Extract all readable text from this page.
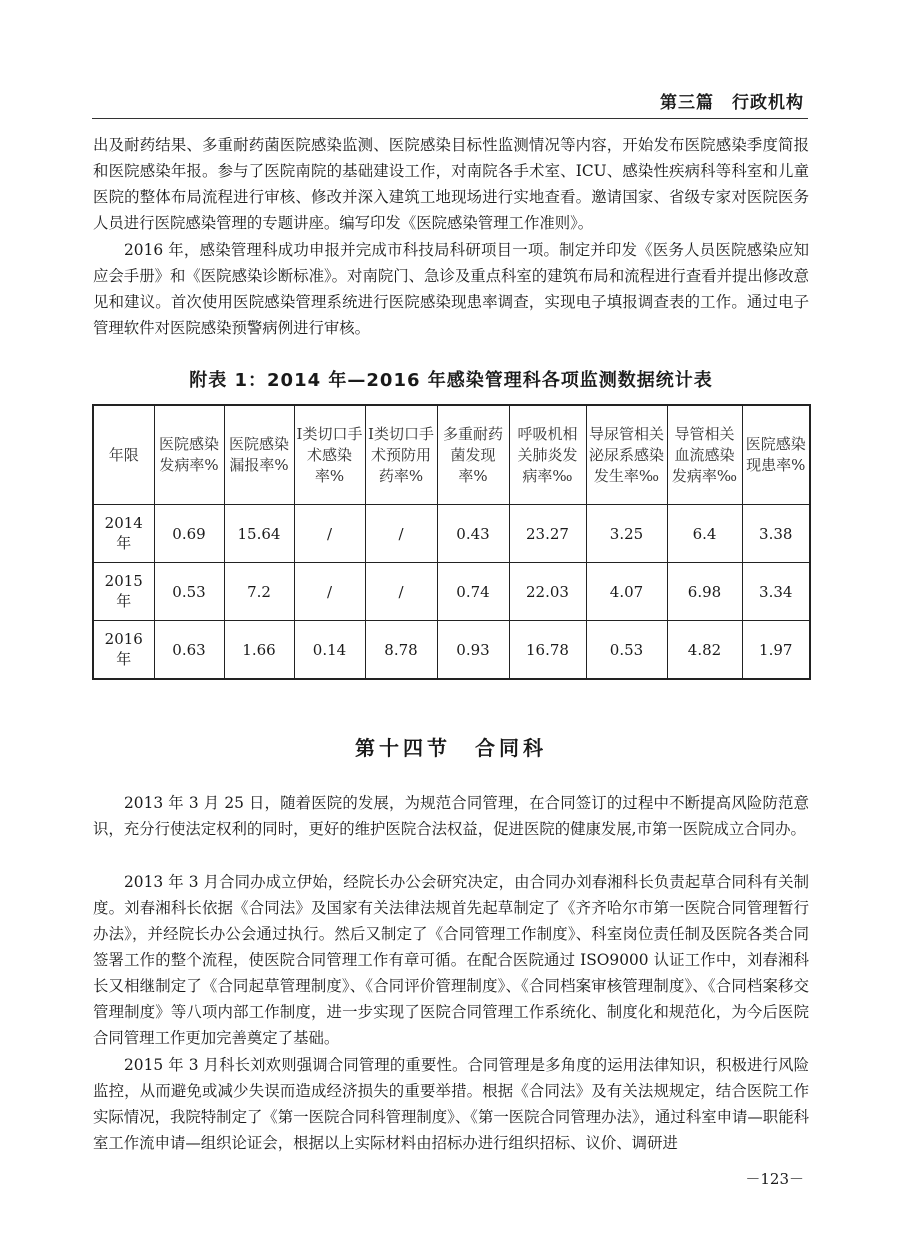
第三篇　行政机构

出及耐药结果、多重耐药菌医院感染监测、医院感染目标性监测情况等内容，开始发布医院感染季度简报和医院感染年报。参与了医院南院的基础建设工作，对南院各手术室、ICU、感染性疾病科等科室和儿童医院的整体布局流程进行审核、修改并深入建筑工地现场进行实地查看。邀请国家、省级专家对医院医务人员进行医院感染管理的专题讲座。编写印发《医院感染管理工作准则》。

2016 年，感染管理科成功申报并完成市科技局科研项目一项。制定并印发《医务人员医院感染应知应会手册》和《医院感染诊断标准》。对南院门、急诊及重点科室的建筑布局和流程进行查看并提出修改意见和建议。首次使用医院感染管理系统进行医院感染现患率调查，实现电子填报调查表的工作。通过电子管理软件对医院感染预警病例进行审核。

附表 1：2014 年—2016 年感染管理科各项监测数据统计表
年限	医院感染发病率%	医院感染漏报率%	Ⅰ类切口手术感染率%	Ⅰ类切口手术预防用药率%	多重耐药菌发现率%	呼吸机相关肺炎发病率‰	导尿管相关泌尿系感染发生率‰	导管相关血流感染发病率‰	医院感染现患率%
2014 年	0.69	15.64	/	/	0.43	23.27	3.25	6.4	3.38
2015 年	0.53	7.2	/	/	0.74	22.03	4.07	6.98	3.34
2016 年	0.63	1.66	0.14	8.78	0.93	16.78	0.53	4.82	1.97
第十四节　合同科

2013 年 3 月 25 日，随着医院的发展，为规范合同管理，在合同签订的过程中不断提高风险防范意识，充分行使法定权利的同时，更好的维护医院合法权益，促进医院的健康发展,市第一医院成立合同办。

2013 年 3 月合同办成立伊始，经院长办公会研究决定，由合同办刘春湘科长负责起草合同科有关制度。刘春湘科长依据《合同法》及国家有关法律法规首先起草制定了《齐齐哈尔市第一医院合同管理暂行办法》，并经院长办公会通过执行。然后又制定了《合同管理工作制度》、科室岗位责任制及医院各类合同签署工作的整个流程，使医院合同管理工作有章可循。在配合医院通过 ISO9000 认证工作中，刘春湘科长又相继制定了《合同起草管理制度》、《合同评价管理制度》、《合同档案审核管理制度》、《合同档案移交管理制度》等八项内部工作制度，进一步实现了医院合同管理工作系统化、制度化和规范化，为今后医院合同管理工作更加完善奠定了基础。

2015 年 3 月科长刘欢则强调合同管理的重要性。合同管理是多角度的运用法律知识，积极进行风险监控，从而避免或减少失误而造成经济损失的重要举措。根据《合同法》及有关法规规定，结合医院工作实际情况，我院特制定了《第一医院合同科管理制度》、《第一医院合同管理办法》，通过科室申请—职能科室工作流申请—组织论证会，根据以上实际材料由招标办进行组织招标、议价、调研进

－123－
